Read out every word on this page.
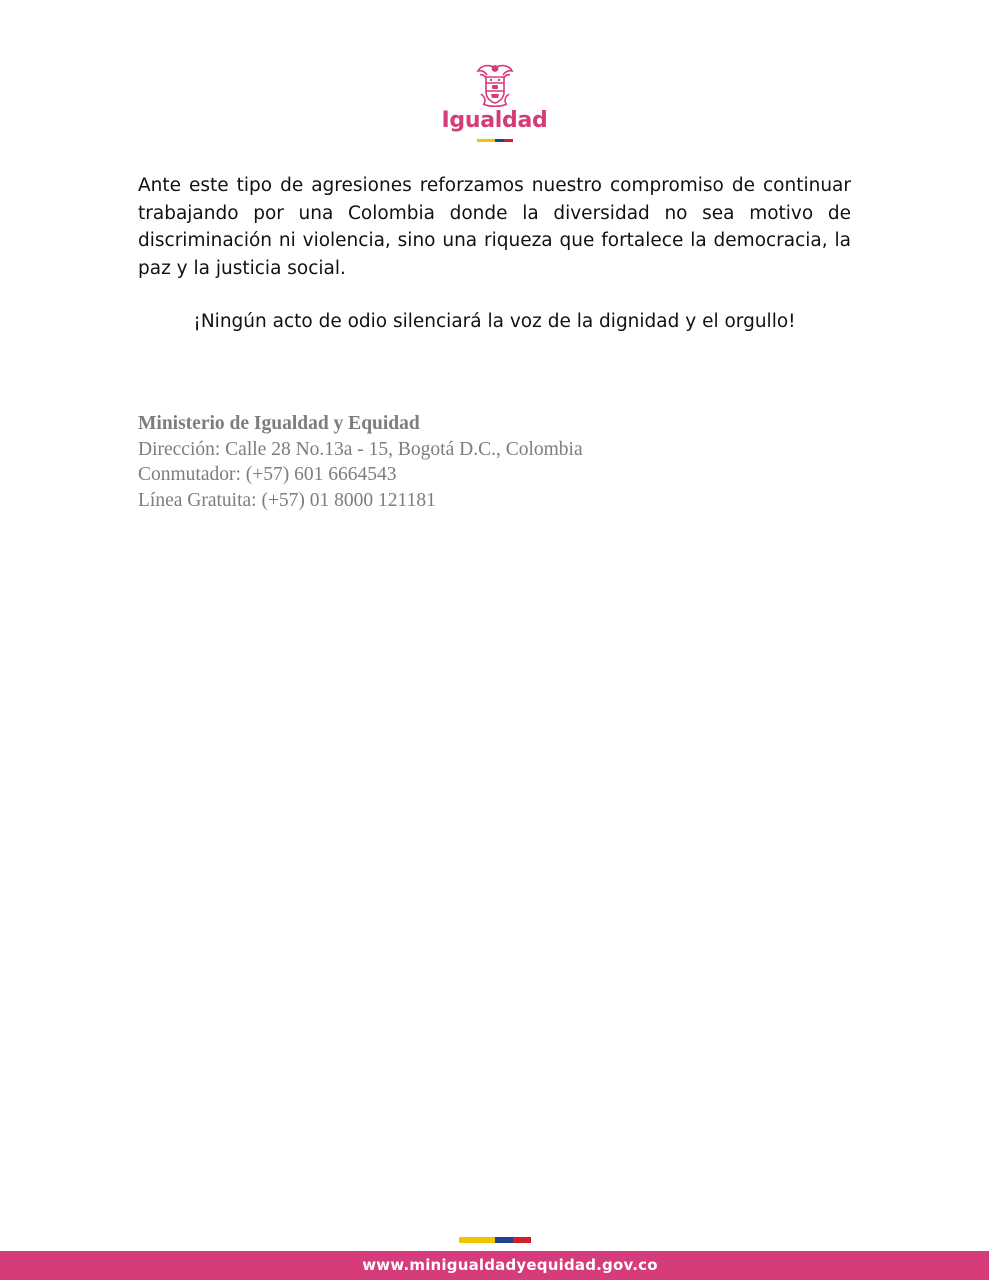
Igualdad

Ante este tipo de agresiones reforzamos nuestro compromiso de continuar trabajando por una Colombia donde la diversidad no sea motivo de discriminación ni violencia, sino una riqueza que fortalece la democracia, la paz y la justicia social.

¡Ningún acto de odio silenciará la voz de la dignidad y el orgullo!

Ministerio de Igualdad y Equidad
Dirección: Calle 28 No.13a - 15, Bogotá D.C., Colombia
Conmutador: (+57) 601 6664543
Línea Gratuita: (+57) 01 8000 121181
www.minigualdadyequidad.gov.co
